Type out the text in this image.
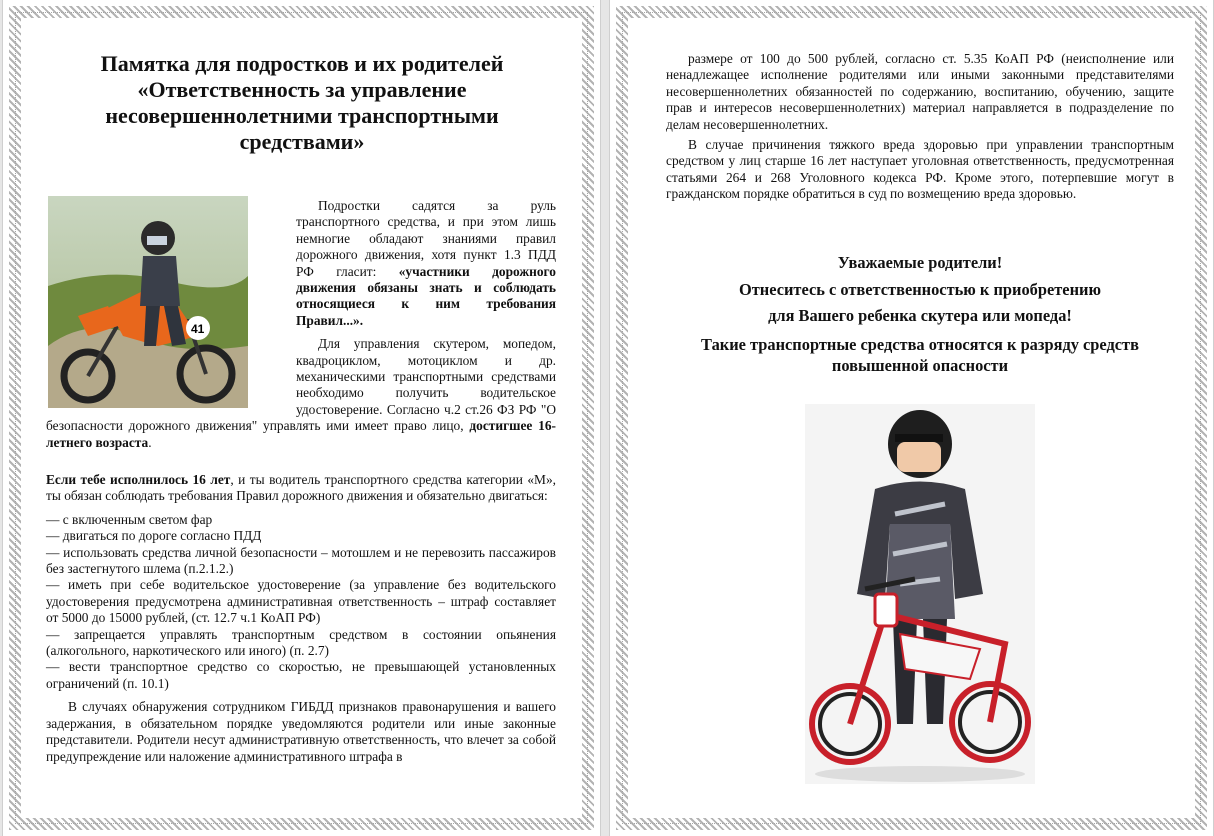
Памятка для подростков и их родителей
«Ответственность за управление
несовершеннолетними транспортными
средствами»
41

Подростки садятся за руль транспортного средства, и при этом лишь немногие обладают знаниями правил дорожного движения, хотя пункт 1.3 ПДД РФ гласит: «участники дорожного движения обязаны знать и соблюдать относящиеся к ним требования Правил...».

Для управления скутером, мопедом, квадроциклом, мотоциклом и др. механическими транспортными средствами необходимо получить водительское удостоверение. Согласно ч.2 ст.26 ФЗ РФ "О безопасности дорожного движения" управлять ими имеет право лицо, достигшее 16-летнего возраста.

Если тебе исполнилось 16 лет, и ты водитель транспортного средства категории «М», ты обязан соблюдать требования Правил дорожного движения и обязательно двигаться:

— с включенным светом фар

— двигаться по дороге согласно ПДД

— использовать средства личной безопасности – мотошлем и не перевозить пассажиров без застегнутого шлема (п.2.1.2.)

— иметь при себе водительское удостоверение (за управление без водительского удостоверения предусмотрена административная ответственность – штраф составляет от 5000 до 15000 рублей, (ст. 12.7 ч.1 КоАП РФ)

— запрещается управлять транспортным средством в состоянии опьянения (алкогольного, наркотического или иного) (п. 2.7)

— вести транспортное средство со скоростью, не превышающей установленных ограничений (п. 10.1)

В случаях обнаружения сотрудником ГИБДД признаков правонарушения и вашего задержания, в обязательном порядке уведомляются родители или иные законные представители. Родители несут административную ответственность, что влечет за собой предупреждение или наложение административного штрафа в

размере от 100 до 500 рублей, согласно ст. 5.35 КоАП РФ (неисполнение или ненадлежащее исполнение родителями или иными законными представителями несовершеннолетних обязанностей по содержанию, воспитанию, обучению, защите прав и интересов несовершеннолетних) материал направляется в подразделение по делам несовершеннолетних.

В случае причинения тяжкого вреда здоровью при управлении транспортным средством у лиц старше 16 лет наступает уголовная ответственность, предусмотренная статьями 264 и 268 Уголовного кодекса РФ. Кроме этого, потерпевшие могут в гражданском порядке обратиться в суд по возмещению вреда здоровью.

Уважаемые родители!
Отнеситесь с ответственностью к приобретению
для Вашего ребенка скутера или мопеда!
Такие транспортные средства относятся к разряду средств повышенной опасности
